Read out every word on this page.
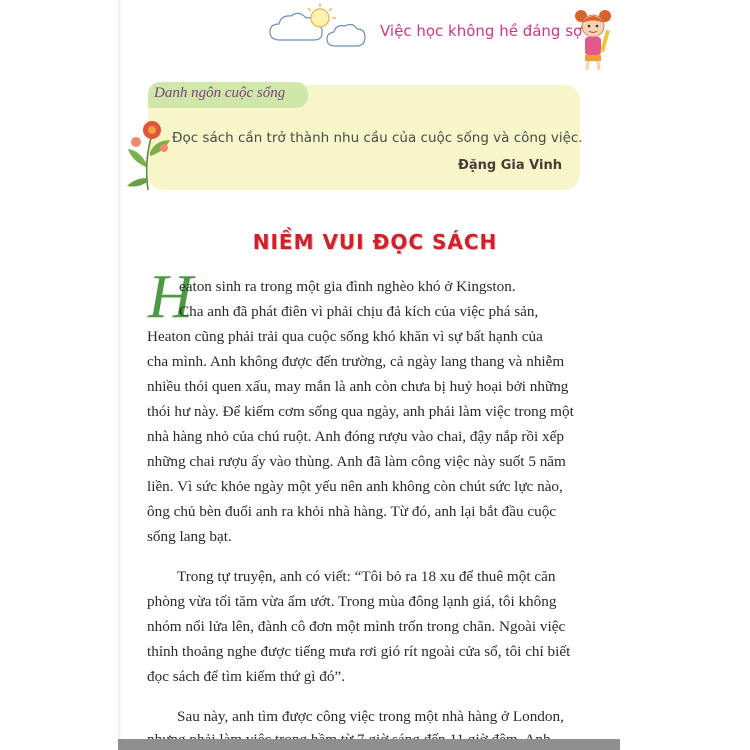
Việc học không hề đáng sợ
Danh ngôn cuộc sống
Đọc sách cần trở thành nhu cầu của cuộc sống và công việc.
Đặng Gia Vinh
NIỀM VUI ĐỌC SÁCH
H
eaton sinh ra trong một gia đình nghèo khó ở Kingston.
Cha anh đã phát điên vì phải chịu đả kích của việc phá sản,
Heaton cũng phải trải qua cuộc sống khó khăn vì sự bất hạnh của
cha mình. Anh không được đến trường, cả ngày lang thang và nhiễm
nhiều thói quen xấu, may mắn là anh còn chưa bị huỷ hoại bởi những
thói hư này. Để kiếm cơm sống qua ngày, anh phải làm việc trong một
nhà hàng nhỏ của chú ruột. Anh đóng rượu vào chai, đậy nắp rồi xếp
những chai rượu ấy vào thùng. Anh đã làm công việc này suốt 5 năm
liền. Vì sức khỏe ngày một yếu nên anh không còn chút sức lực nào,
ông chủ bèn đuổi anh ra khỏi nhà hàng. Từ đó, anh lại bắt đầu cuộc
sống lang bạt.
Trong tự truyện, anh có viết: “Tôi bỏ ra 18 xu để thuê một căn
phòng vừa tối tăm vừa ẩm ướt. Trong mùa đông lạnh giá, tôi không
nhóm nổi lửa lên, đành cô đơn một mình trốn trong chăn. Ngoài việc
thỉnh thoảng nghe được tiếng mưa rơi gió rít ngoài cửa sổ, tôi chỉ biết
đọc sách để tìm kiếm thứ gì đó”.
Sau này, anh tìm được công việc trong một nhà hàng ở London,
